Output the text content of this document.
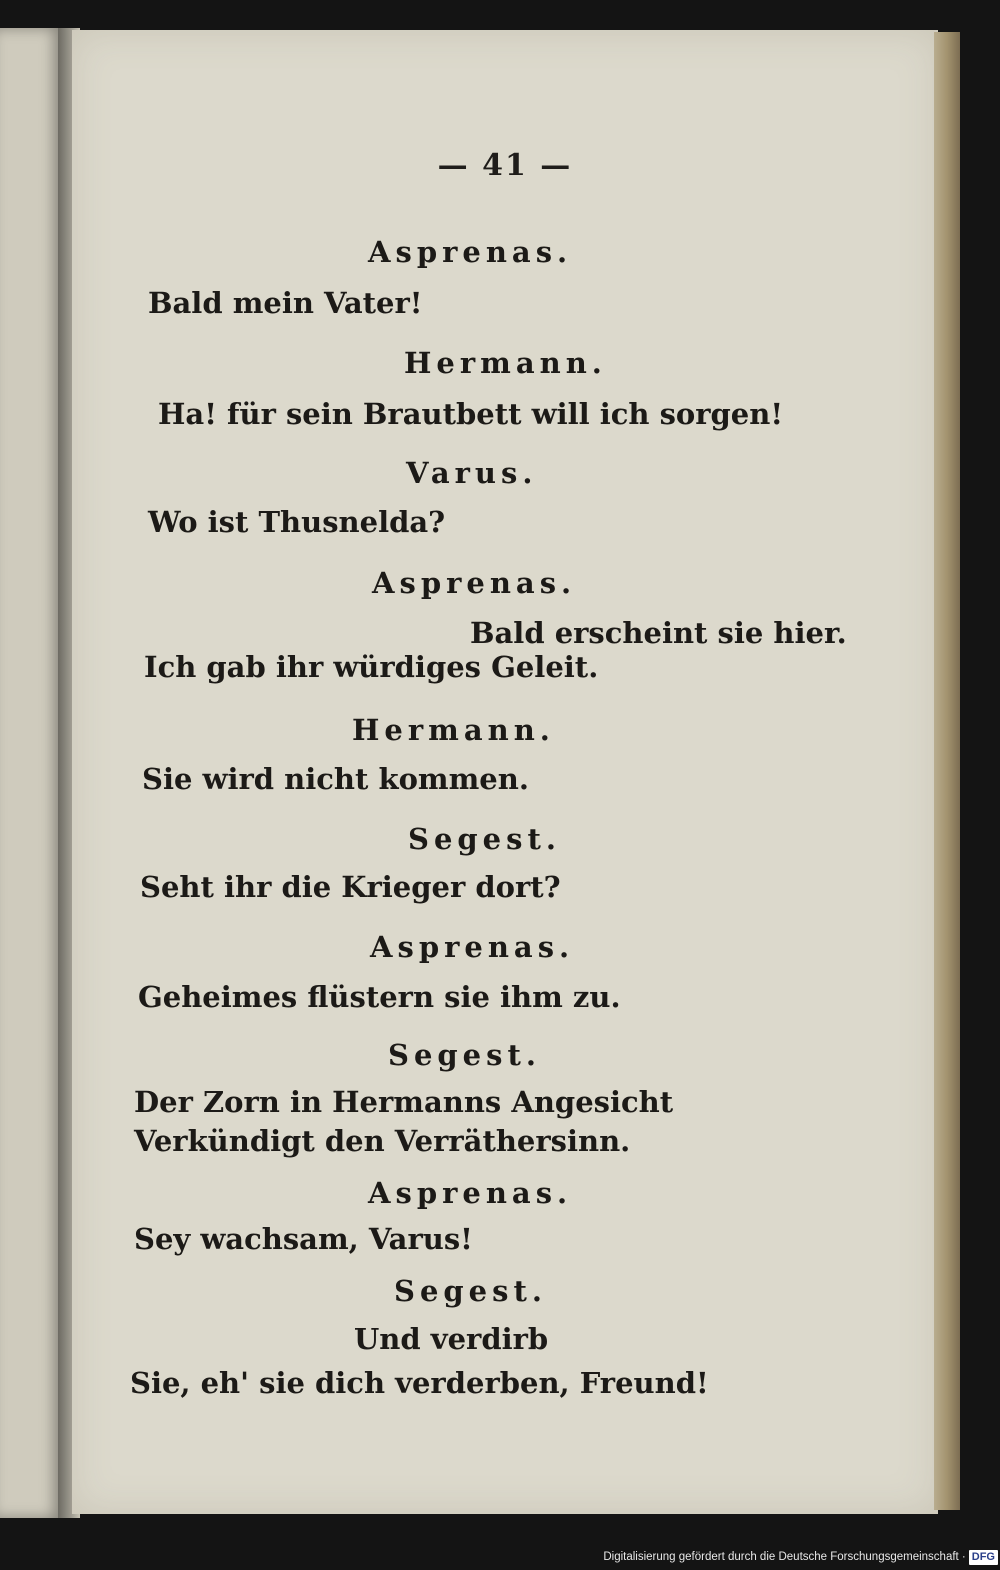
— 41 —
Asprenas.
Bald mein Vater!
Hermann.
Ha! für sein Brautbett will ich sorgen!
Varus.
Wo ist Thusnelda?
Asprenas.
Bald erscheint sie hier.
Ich gab ihr würdiges Geleit.
Hermann.
Sie wird nicht kommen.
Segest.
Seht ihr die Krieger dort?
Asprenas.
Geheimes flüstern sie ihm zu.
Segest.
Der Zorn in Hermanns Angesicht
Verkündigt den Verräthersinn.
Asprenas.
Sey wachsam, Varus!
Segest.
Und verdirb
Sie, eh' sie dich verderben, Freund!
Digitalisierung gefördert durch die Deutsche Forschungsgemeinschaft · DFG
